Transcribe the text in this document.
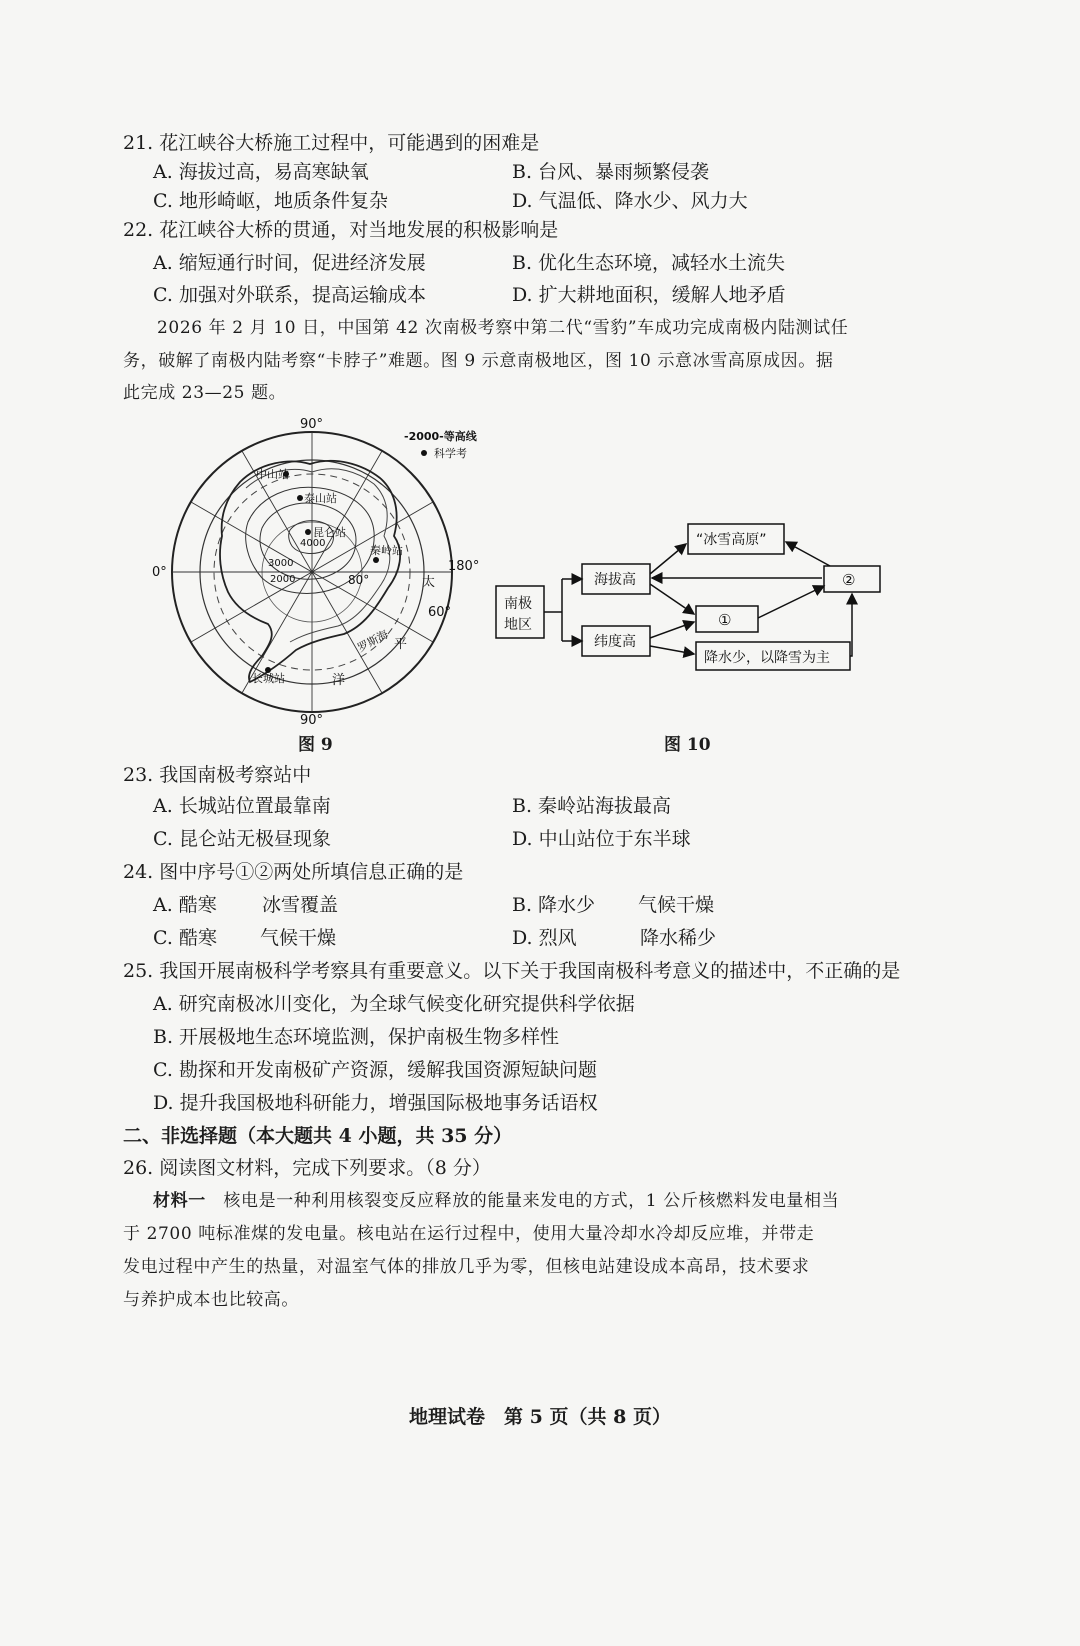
21. 花江峡谷大桥施工过程中，可能遇到的困难是
A. 海拔过高，易高寒缺氧	B. 台风、暴雨频繁侵袭
C. 地形崎岖，地质条件复杂	D. 气温低、降水少、风力大
22. 花江峡谷大桥的贯通，对当地发展的积极影响是
A. 缩短通行时间，促进经济发展	B. 优化生态环境，减轻水土流失
C. 加强对外联系，提高运输成本	D. 扩大耕地面积，缓解人地矛盾
2026 年 2 月 10 日，中国第 42 次南极考察中第二代“雪豹”车成功完成南极内陆测试任
务，破解了南极内陆考察“卡脖子”难题。图 9 示意南极地区，图 10 示意冰雪高原成因。据
此完成 23—25 题。
90°
90°
0°	180°
60°
80°
中山站
泰山站
昆仑站
秦岭站
长城站
4000
3000
2000	太
平
洋
罗斯海
-2000-等高线
科学考
图 9
南极
地区
海拔高
纬度高
“冰雪高原”
①
②
降水少，以降雪为主
图 10
23. 我国南极考察站中
A. 长城站位置最靠南	B. 秦岭站海拔最高
C. 昆仑站无极昼现象	D. 中山站位于东半球
24. 图中序号①②两处所填信息正确的是
A. 酷寒 冰雪覆盖	B. 降水少 气候干燥
C. 酷寒 气候干燥	D. 烈风	降水稀少
25. 我国开展南极科学考察具有重要意义。以下关于我国南极科考意义的描述中，不正确的是
A. 研究南极冰川变化，为全球气候变化研究提供科学依据
B. 开展极地生态环境监测，保护南极生物多样性
C. 勘探和开发南极矿产资源，缓解我国资源短缺问题
D. 提升我国极地科研能力，增强国际极地事务话语权
二、非选择题（本大题共 4 小题，共 35 分）
26. 阅读图文材料，完成下列要求。（8 分）
材料一　核电是一种利用核裂变反应释放的能量来发电的方式，1 公斤核燃料发电量相当
于 2700 吨标准煤的发电量。核电站在运行过程中，使用大量冷却水冷却反应堆，并带走
发电过程中产生的热量，对温室气体的排放几乎为零，但核电站建设成本高昂，技术要求
与养护成本也比较高。
地理试卷　第 5 页（共 8 页）
